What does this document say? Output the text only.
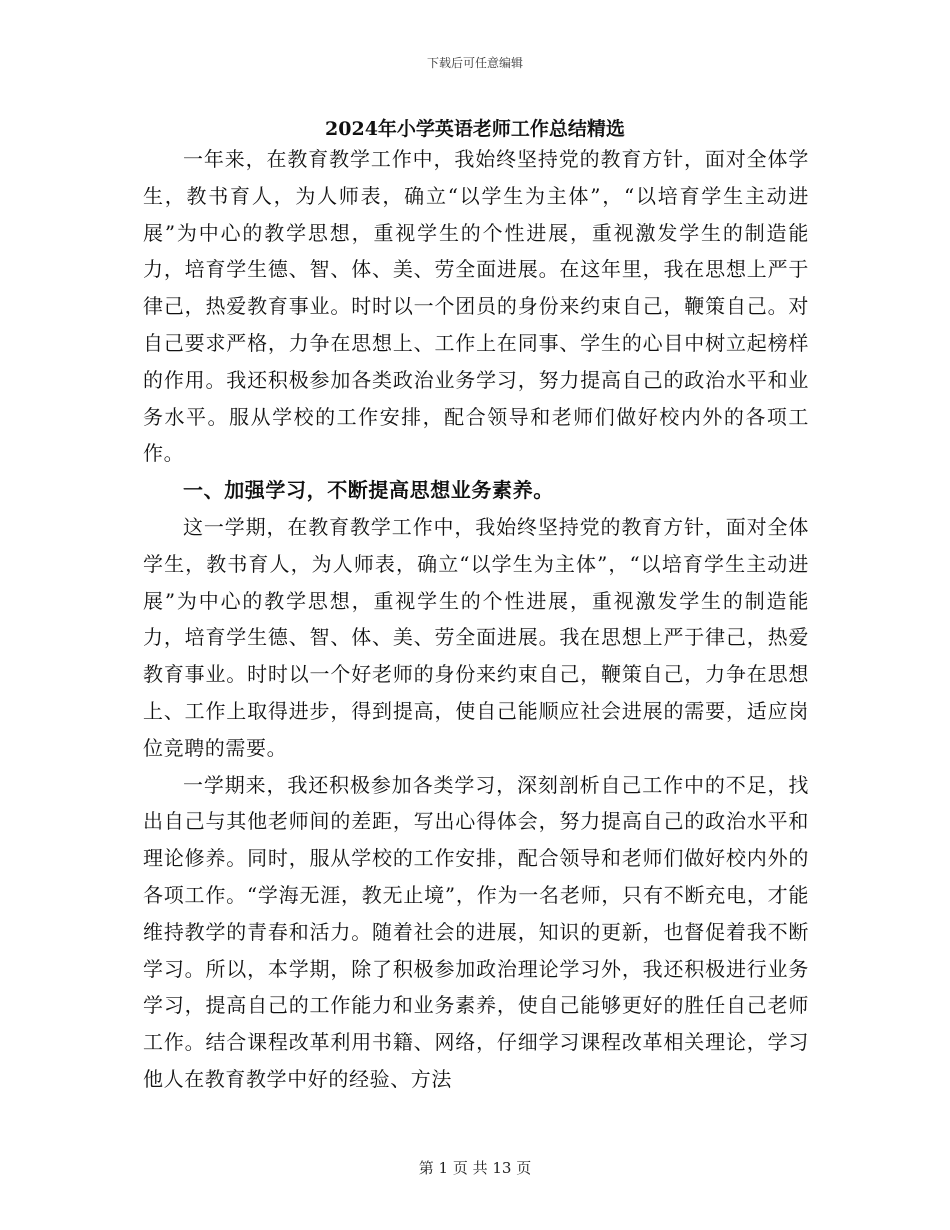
下载后可任意编辑
2024年小学英语老师工作总结精选

一年来，在教育教学工作中，我始终坚持党的教育方针，面对全体学生，教书育人，为人师表，确立“以学生为主体”，“以培育学生主动进展”为中心的教学思想，重视学生的个性进展，重视激发学生的制造能力，培育学生德、智、体、美、劳全面进展。在这年里，我在思想上严于律己，热爱教育事业。时时以一个团员的身份来约束自己，鞭策自己。对自己要求严格，力争在思想上、工作上在同事、学生的心目中树立起榜样的作用。我还积极参加各类政治业务学习，努力提高自己的政治水平和业务水平。服从学校的工作安排，配合领导和老师们做好校内外的各项工作。

一、加强学习，不断提高思想业务素养。

这一学期，在教育教学工作中，我始终坚持党的教育方针，面对全体学生，教书育人，为人师表，确立“以学生为主体”，“以培育学生主动进展”为中心的教学思想，重视学生的个性进展，重视激发学生的制造能力，培育学生德、智、体、美、劳全面进展。我在思想上严于律己，热爱教育事业。时时以一个好老师的身份来约束自己，鞭策自己，力争在思想上、工作上取得进步，得到提高，使自己能顺应社会进展的需要，适应岗位竞聘的需要。

一学期来，我还积极参加各类学习，深刻剖析自己工作中的不足，找出自己与其他老师间的差距，写出心得体会，努力提高自己的政治水平和理论修养。同时，服从学校的工作安排，配合领导和老师们做好校内外的各项工作。“学海无涯，教无止境”，作为一名老师，只有不断充电，才能维持教学的青春和活力。随着社会的进展，知识的更新，也督促着我不断学习。所以，本学期，除了积极参加政治理论学习外，我还积极进行业务学习，提高自己的工作能力和业务素养，使自己能够更好的胜任自己老师工作。结合课程改革利用书籍、网络，仔细学习课程改革相关理论，学习他人在教育教学中好的经验、方法

第 1 页 共 13 页
